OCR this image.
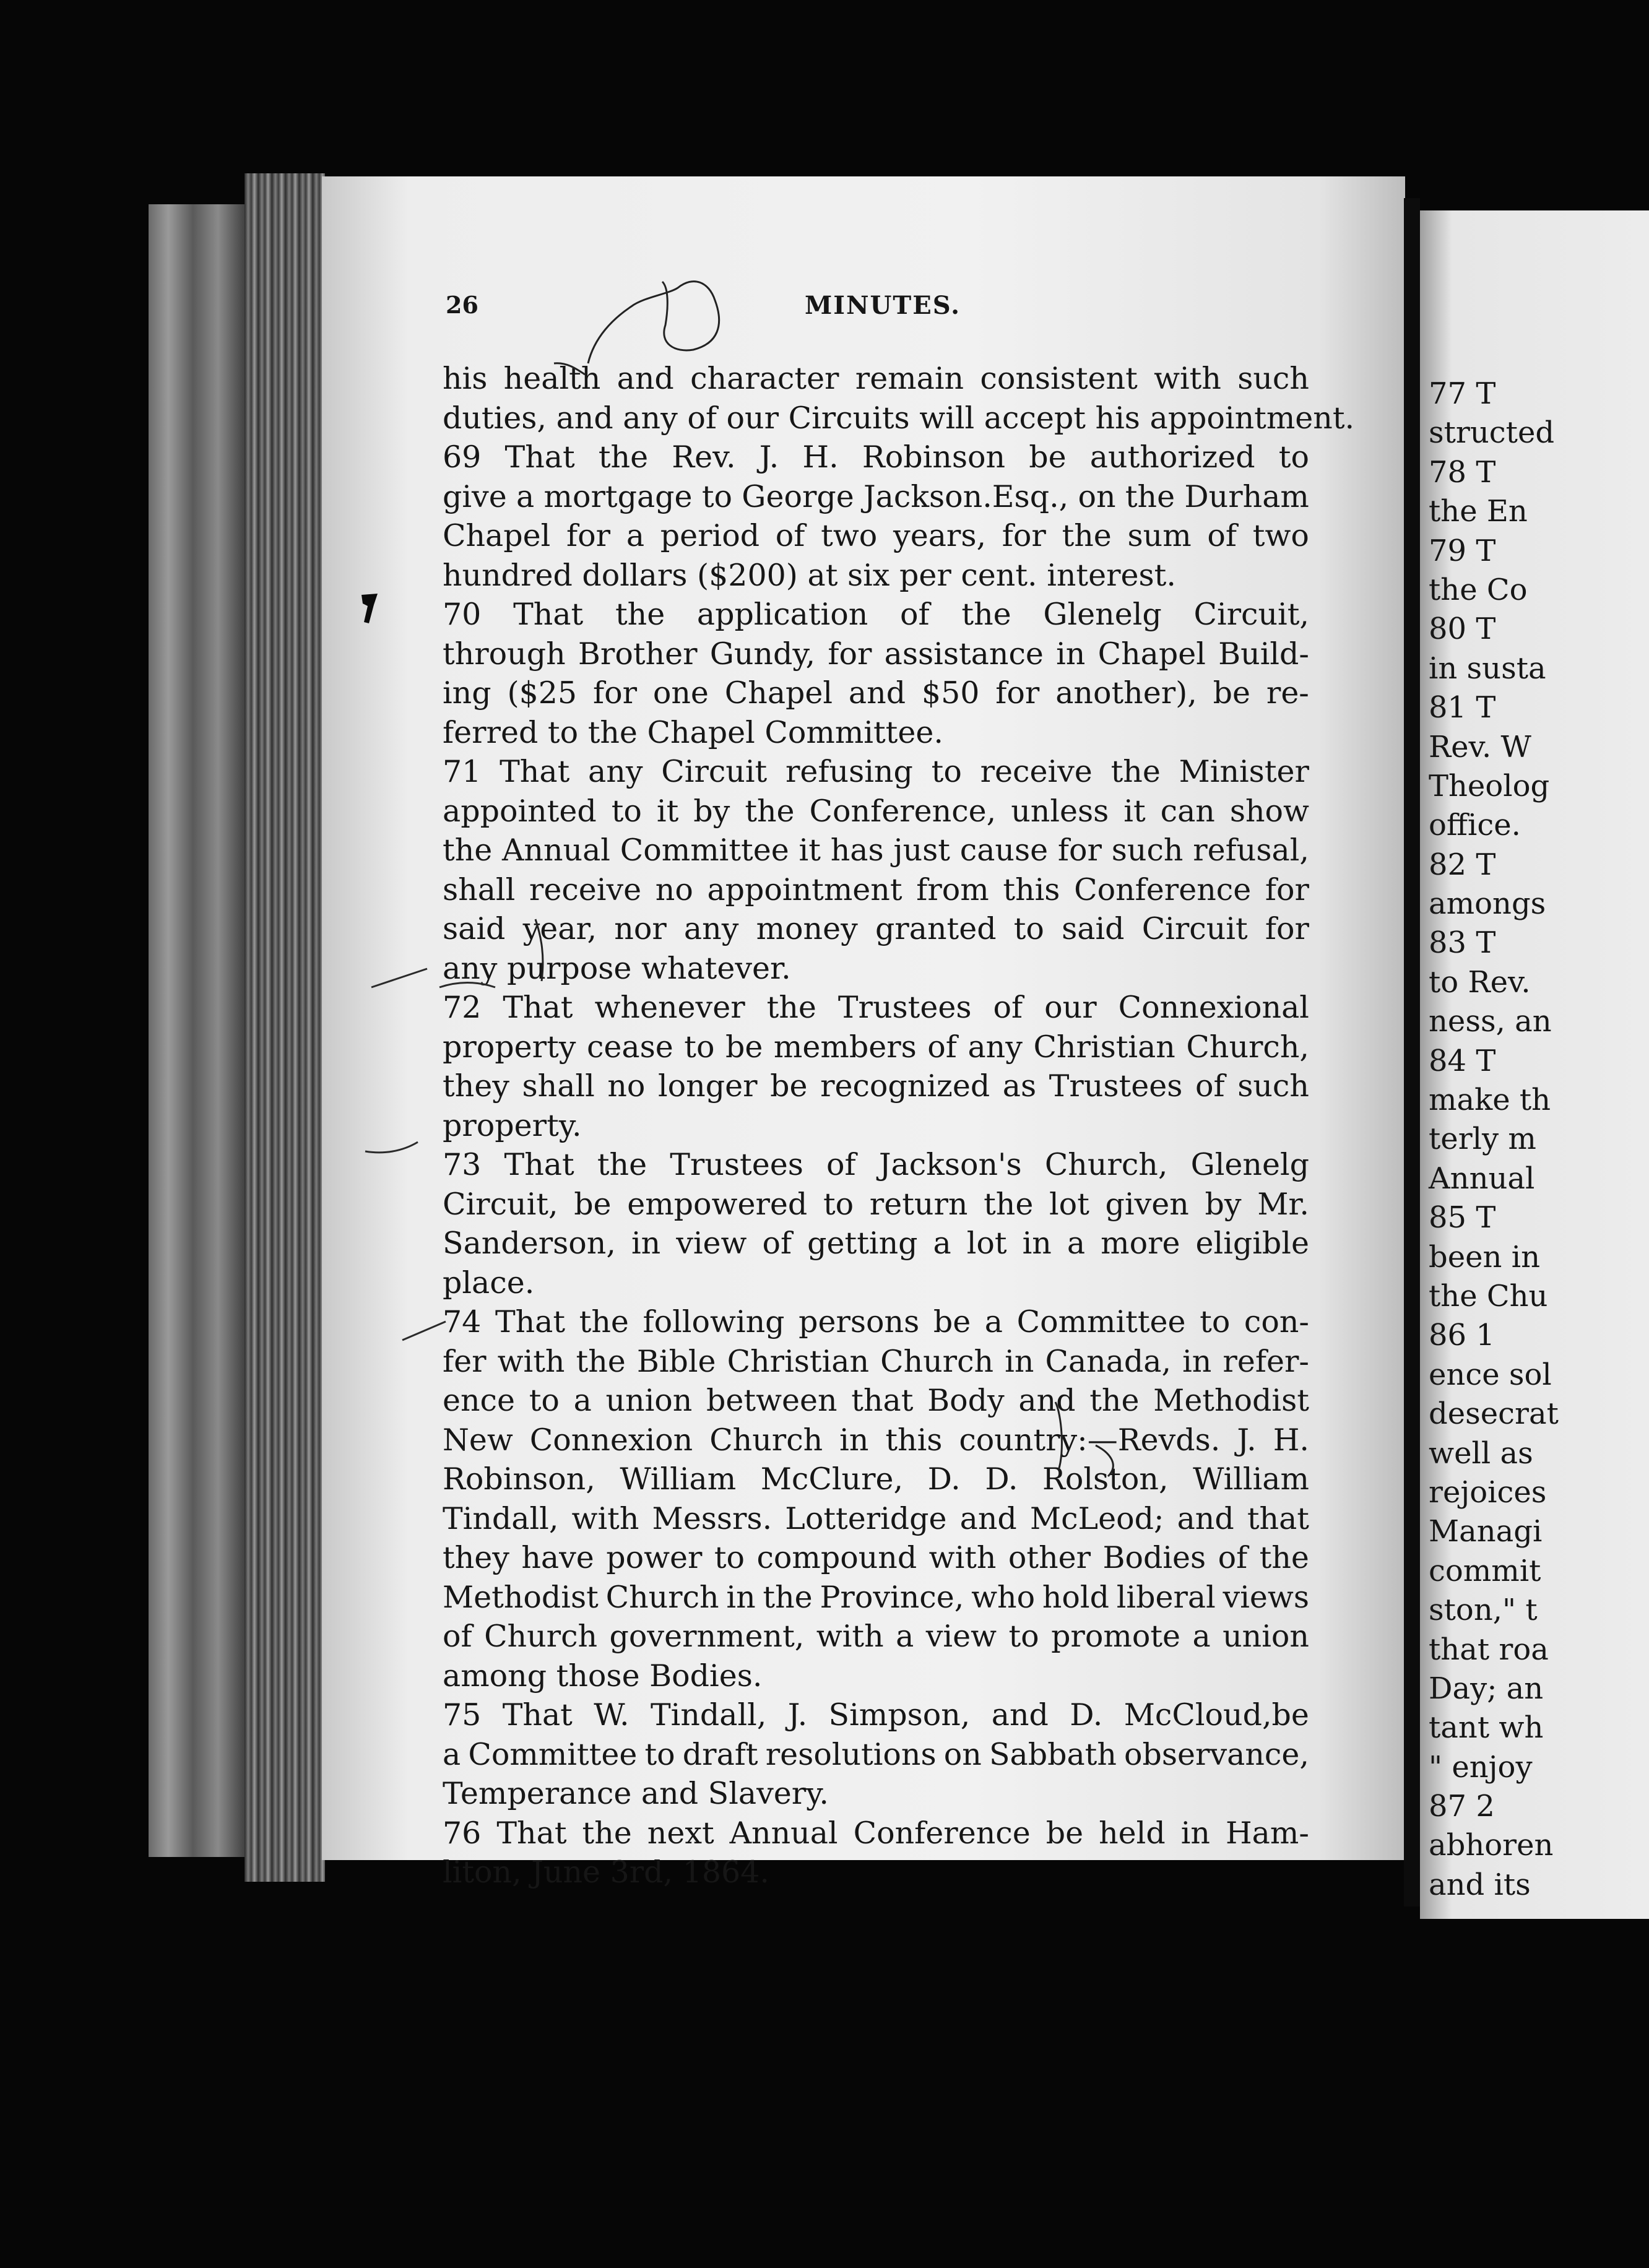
26	MINUTES.
his health and character remain consistent with such
duties, and any of our Circuits will accept his appointment.
69 That the Rev. J. H. Robinson be authorized to
give a mortgage to George Jackson.Esq., on the Durham
Chapel for a period of two years, for the sum of two
hundred dollars ($200) at six per cent. interest.
70 That the application of the Glenelg Circuit,
through Brother Gundy, for assistance in Chapel Build-
ing ($25 for one Chapel and $50 for another), be re-
ferred to the Chapel Committee.
71 That any Circuit refusing to receive the Minister
appointed to it by the Conference, unless it can show
the Annual Committee it has just cause for such refusal,
shall receive no appointment from this Conference for
said year, nor any money granted to said Circuit for
any purpose whatever.
72 That whenever the Trustees of our Connexional
property cease to be members of any Christian Church,
they shall no longer be recognized as Trustees of such
property.
73 That the Trustees of Jackson's Church, Glenelg
Circuit, be empowered to return the lot given by Mr.
Sanderson, in view of getting a lot in a more eligible
place.
74 That the following persons be a Committee to con-
fer with the Bible Christian Church in Canada, in refer-
ence to a union between that Body and the Methodist
New Connexion Church in this country:—Revds. J. H.
Robinson, William McClure, D. D. Rolston, William
Tindall, with Messrs. Lotteridge and McLeod; and that
they have power to compound with other Bodies of the
Methodist Church in the Province, who hold liberal views
of Church government, with a view to promote a union
among those Bodies.
75 That W. Tindall, J. Simpson, and D. McCloud,be
a Committee to draft resolutions on Sabbath observance,
Temperance and Slavery.
76 That the next Annual Conference be held in Ham-
liton, June 3rd, 1864.
77 T
structed
78 T
the En
79 T
the Co
80 T
in susta
81 T
Rev. W
Theolog
office.
82 T
amongs
83 T
to Rev.
ness, an
84 T
make th
terly m
Annual
85 T
been in
the Chu
86 1
ence sol
desecrat
well as
rejoices
Managi
commit
ston," t
that roa
Day; an
tant wh
" enjoy
87 2
abhoren
and its
